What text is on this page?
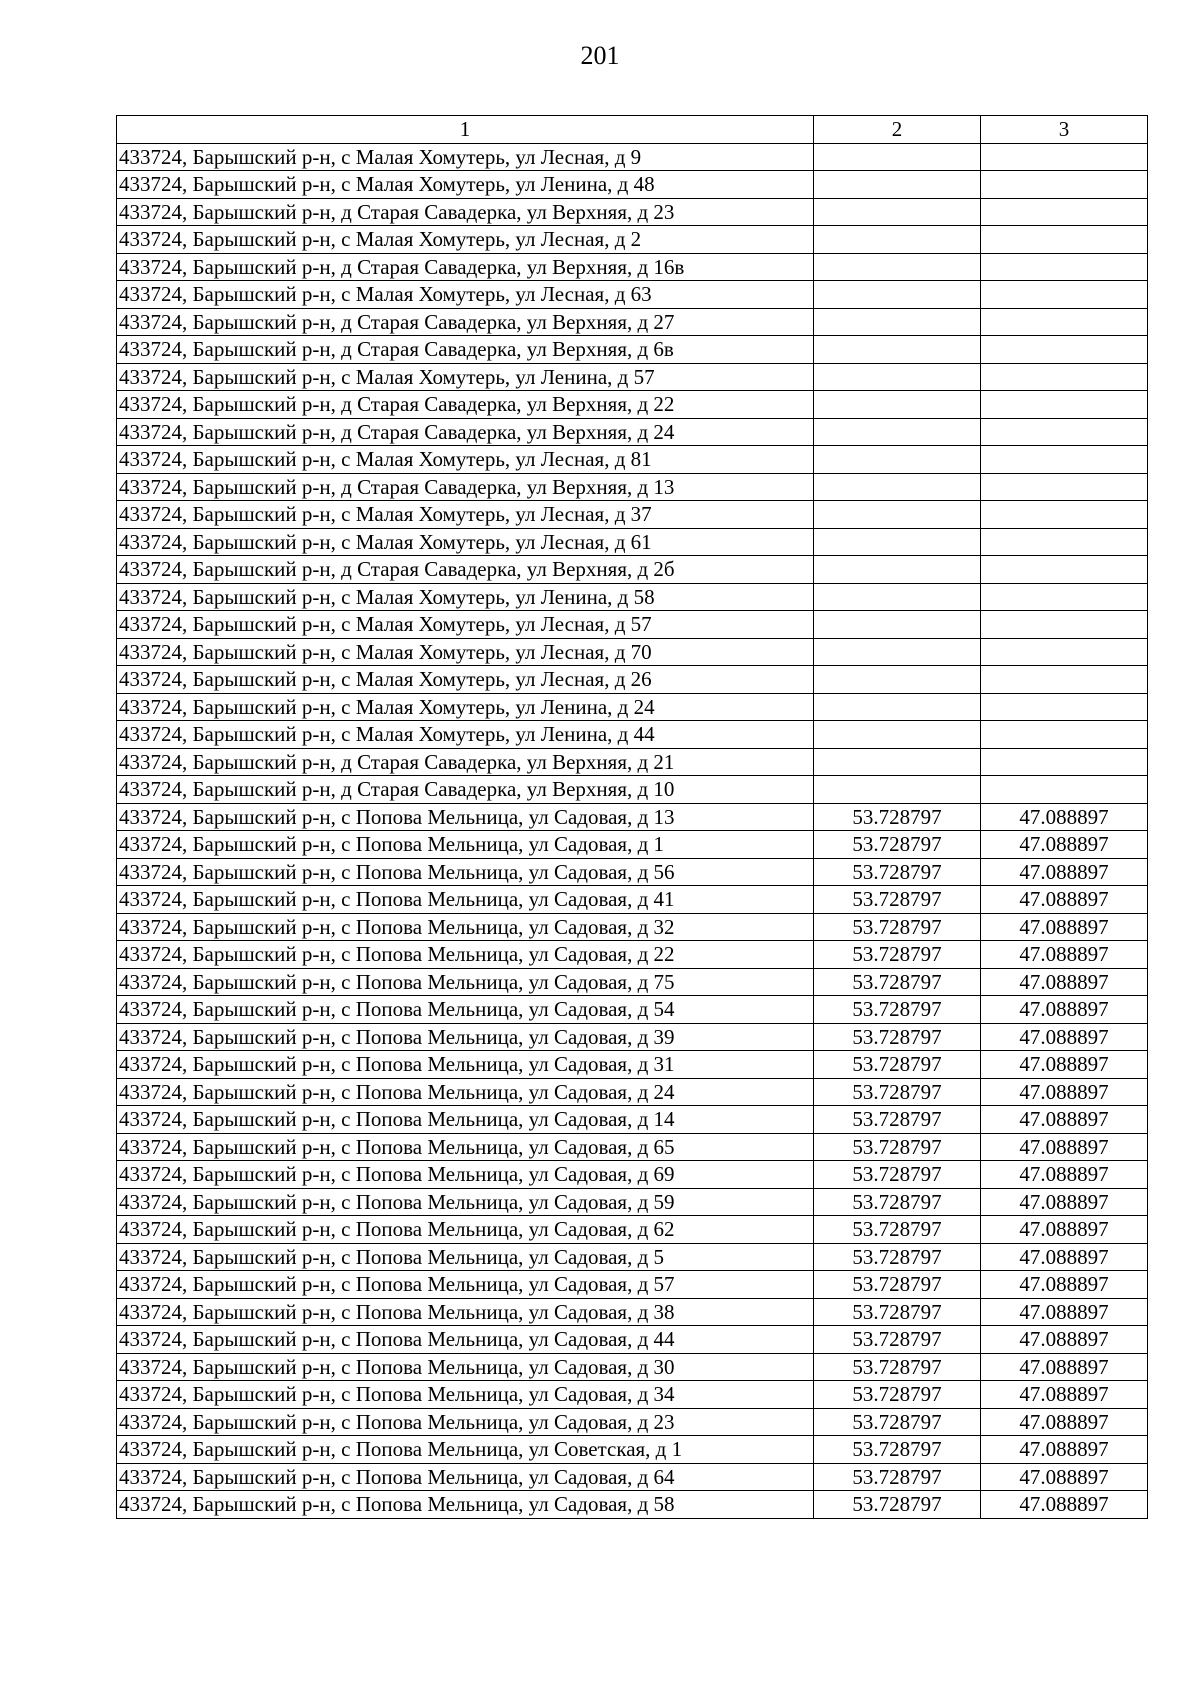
201
1	2	3
433724, Барышский р-н, с Малая Хомутерь, ул Лесная, д 9		
433724, Барышский р-н, с Малая Хомутерь, ул Ленина, д 48		
433724, Барышский р-н, д Старая Савадерка, ул Верхняя, д 23		
433724, Барышский р-н, с Малая Хомутерь, ул Лесная, д 2		
433724, Барышский р-н, д Старая Савадерка, ул Верхняя, д 16в		
433724, Барышский р-н, с Малая Хомутерь, ул Лесная, д 63		
433724, Барышский р-н, д Старая Савадерка, ул Верхняя, д 27		
433724, Барышский р-н, д Старая Савадерка, ул Верхняя, д 6в		
433724, Барышский р-н, с Малая Хомутерь, ул Ленина, д 57		
433724, Барышский р-н, д Старая Савадерка, ул Верхняя, д 22		
433724, Барышский р-н, д Старая Савадерка, ул Верхняя, д 24		
433724, Барышский р-н, с Малая Хомутерь, ул Лесная, д 81		
433724, Барышский р-н, д Старая Савадерка, ул Верхняя, д 13		
433724, Барышский р-н, с Малая Хомутерь, ул Лесная, д 37		
433724, Барышский р-н, с Малая Хомутерь, ул Лесная, д 61		
433724, Барышский р-н, д Старая Савадерка, ул Верхняя, д 2б		
433724, Барышский р-н, с Малая Хомутерь, ул Ленина, д 58		
433724, Барышский р-н, с Малая Хомутерь, ул Лесная, д 57		
433724, Барышский р-н, с Малая Хомутерь, ул Лесная, д 70		
433724, Барышский р-н, с Малая Хомутерь, ул Лесная, д 26		
433724, Барышский р-н, с Малая Хомутерь, ул Ленина, д 24		
433724, Барышский р-н, с Малая Хомутерь, ул Ленина, д 44		
433724, Барышский р-н, д Старая Савадерка, ул Верхняя, д 21		
433724, Барышский р-н, д Старая Савадерка, ул Верхняя, д 10		
433724, Барышский р-н, с Попова Мельница, ул Садовая, д 13	53.728797	47.088897
433724, Барышский р-н, с Попова Мельница, ул Садовая, д 1	53.728797	47.088897
433724, Барышский р-н, с Попова Мельница, ул Садовая, д 56	53.728797	47.088897
433724, Барышский р-н, с Попова Мельница, ул Садовая, д 41	53.728797	47.088897
433724, Барышский р-н, с Попова Мельница, ул Садовая, д 32	53.728797	47.088897
433724, Барышский р-н, с Попова Мельница, ул Садовая, д 22	53.728797	47.088897
433724, Барышский р-н, с Попова Мельница, ул Садовая, д 75	53.728797	47.088897
433724, Барышский р-н, с Попова Мельница, ул Садовая, д 54	53.728797	47.088897
433724, Барышский р-н, с Попова Мельница, ул Садовая, д 39	53.728797	47.088897
433724, Барышский р-н, с Попова Мельница, ул Садовая, д 31	53.728797	47.088897
433724, Барышский р-н, с Попова Мельница, ул Садовая, д 24	53.728797	47.088897
433724, Барышский р-н, с Попова Мельница, ул Садовая, д 14	53.728797	47.088897
433724, Барышский р-н, с Попова Мельница, ул Садовая, д 65	53.728797	47.088897
433724, Барышский р-н, с Попова Мельница, ул Садовая, д 69	53.728797	47.088897
433724, Барышский р-н, с Попова Мельница, ул Садовая, д 59	53.728797	47.088897
433724, Барышский р-н, с Попова Мельница, ул Садовая, д 62	53.728797	47.088897
433724, Барышский р-н, с Попова Мельница, ул Садовая, д 5	53.728797	47.088897
433724, Барышский р-н, с Попова Мельница, ул Садовая, д 57	53.728797	47.088897
433724, Барышский р-н, с Попова Мельница, ул Садовая, д 38	53.728797	47.088897
433724, Барышский р-н, с Попова Мельница, ул Садовая, д 44	53.728797	47.088897
433724, Барышский р-н, с Попова Мельница, ул Садовая, д 30	53.728797	47.088897
433724, Барышский р-н, с Попова Мельница, ул Садовая, д 34	53.728797	47.088897
433724, Барышский р-н, с Попова Мельница, ул Садовая, д 23	53.728797	47.088897
433724, Барышский р-н, с Попова Мельница, ул Советская, д 1	53.728797	47.088897
433724, Барышский р-н, с Попова Мельница, ул Садовая, д 64	53.728797	47.088897
433724, Барышский р-н, с Попова Мельница, ул Садовая, д 58	53.728797	47.088897
